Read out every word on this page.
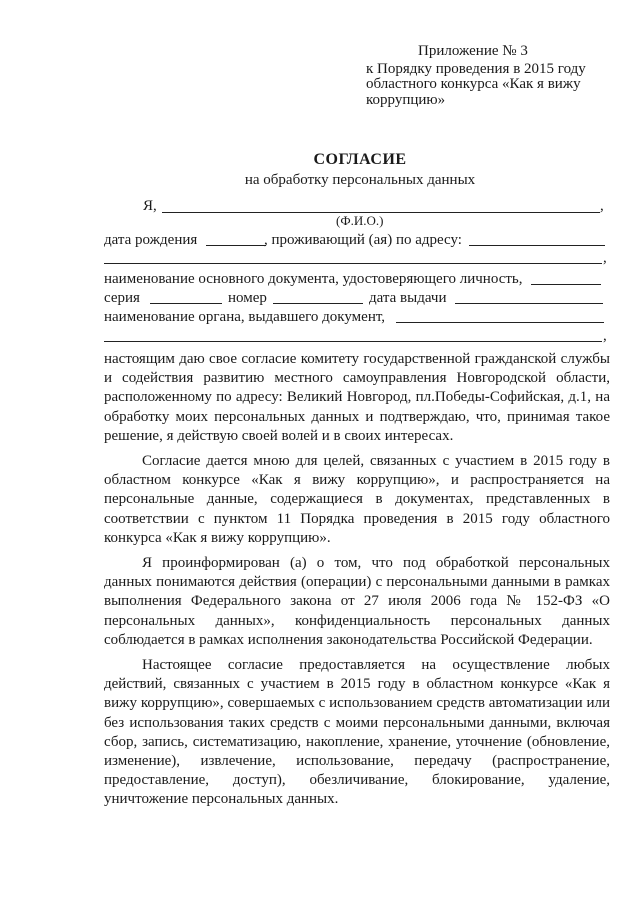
Приложение № 3
к Порядку проведения в 2015 году
областного конкурса «Как я вижу
коррупцию»
СОГЛАСИЕ
на обработку персональных данных
Я,	,
(Ф.И.О.)
дата рождения	, проживающий (ая) по адресу:
,
наименование основного документа, удостоверяющего личность,
серия	номер	дата выдачи
наименование органа, выдавшего документ,
,

настоящим даю свое согласие комитету государственной гражданской службы и содействия развитию местного самоуправления Новгородской области, расположенному по адресу: Великий Новгород, пл.Победы-Софийская, д.1, на обработку моих персональных данных и подтверждаю, что, принимая такое решение, я действую своей волей и в своих интересах.

Согласие дается мною для целей, связанных с участием в 2015 году в областном конкурсе «Как я вижу коррупцию», и распространяется на персональные данные, содержащиеся в документах, представленных в соответствии с пунктом 11 Порядка проведения в 2015 году областного конкурса «Как я вижу коррупцию».

Я проинформирован (а) о том, что под обработкой персональных данных понимаются действия (операции) с персональными данными в рамках выполнения Федерального закона от 27 июля 2006 года № 152-ФЗ «О персональных данных», конфиденциальность персональных данных соблюдается в рамках исполнения законодательства Российской Федерации.

Настоящее согласие предоставляется на осуществление любых действий, связанных с участием в 2015 году в областном конкурсе «Как я вижу коррупцию», совершаемых с использованием средств автоматизации или без использования таких средств с моими персональными данными, включая сбор, запись, систематизацию, накопление, хранение, уточнение (обновление, изменение), извлечение, использование, передачу (распространение, предоставление, доступ), обезличивание, блокирование, удаление, уничтожение персональных данных.
